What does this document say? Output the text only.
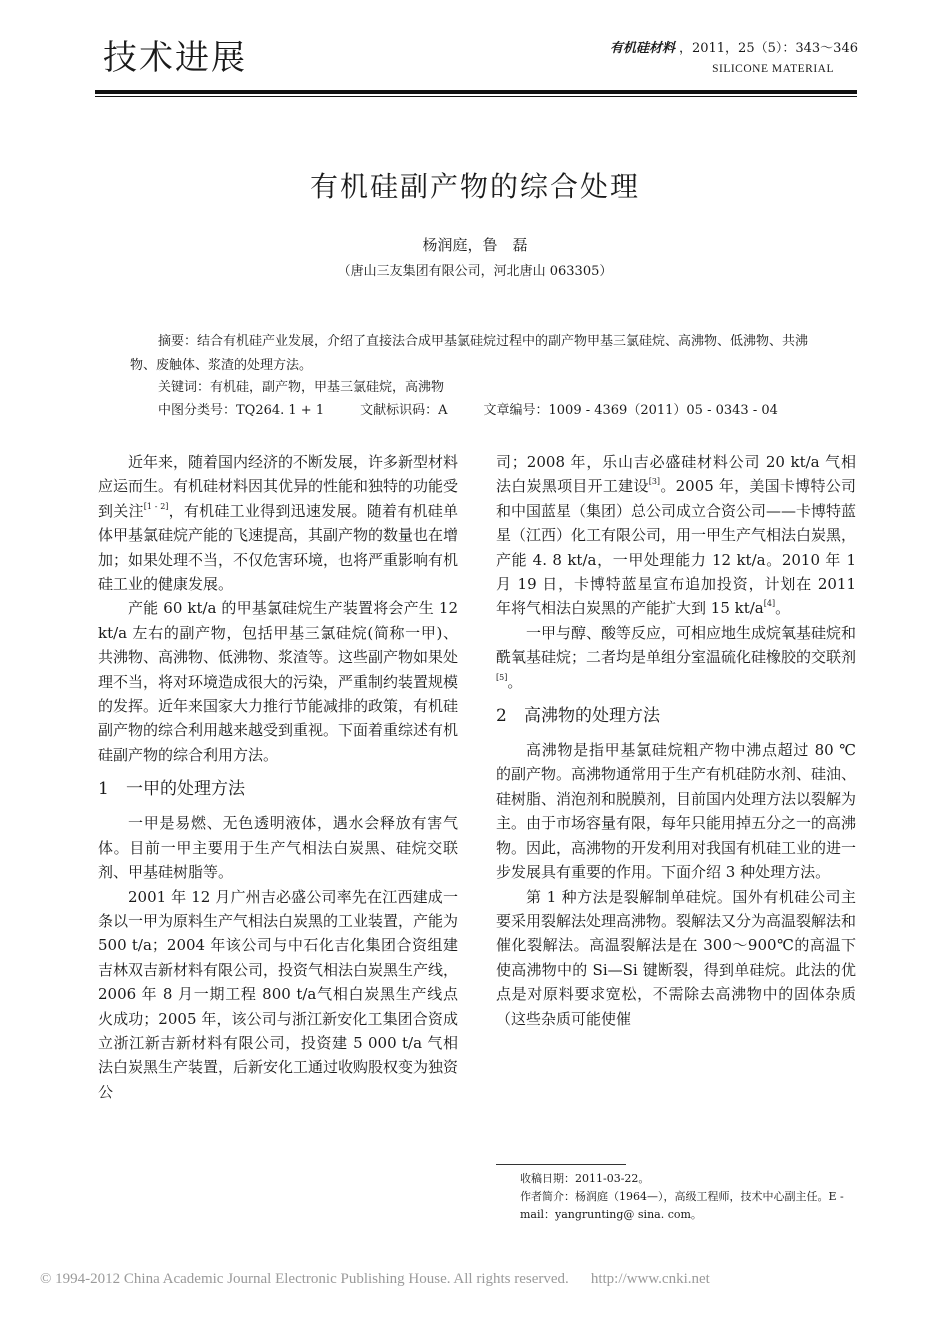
技术进展	有机硅材料 ，2011，25（5）：343～346
SILICONE MATERIAL
有机硅副产物的综合处理
杨润庭，鲁　磊
（唐山三友集团有限公司，河北唐山 063305）
摘要：结合有机硅产业发展，介绍了直接法合成甲基氯硅烷过程中的副产物甲基三氯硅烷、高沸物、低沸物、共沸物、废触体、浆渣的处理方法。
关键词：有机硅，副产物，甲基三氯硅烷，高沸物
中图分类号：TQ264. 1 + 1	文献标识码：A	文章编号：1009 - 4369（2011）05 - 0343 - 04

近年来，随着国内经济的不断发展，许多新型材料应运而生。有机硅材料因其优异的性能和独特的功能受到关注[1 - 2]，有机硅工业得到迅速发展。随着有机硅单体甲基氯硅烷产能的飞速提高，其副产物的数量也在增加；如果处理不当，不仅危害环境，也将严重影响有机硅工业的健康发展。

产能 60 kt/a 的甲基氯硅烷生产装置将会产生 12 kt/a 左右的副产物，包括甲基三氯硅烷(简称一甲)、共沸物、高沸物、低沸物、浆渣等。这些副产物如果处理不当，将对环境造成很大的污染，严重制约装置规模的发挥。近年来国家大力推行节能减排的政策，有机硅副产物的综合利用越来越受到重视。下面着重综述有机硅副产物的综合利用方法。

1 一甲的处理方法

一甲是易燃、无色透明液体，遇水会释放有害气体。目前一甲主要用于生产气相法白炭黑、硅烷交联剂、甲基硅树脂等。

2001 年 12 月广州吉必盛公司率先在江西建成一条以一甲为原料生产气相法白炭黑的工业装置，产能为 500 t/a；2004 年该公司与中石化吉化集团合资组建吉林双吉新材料有限公司，投资气相法白炭黑生产线，2006 年 8 月一期工程 800 t/a气相白炭黑生产线点火成功；2005 年，该公司与浙江新安化工集团合资成立浙江新吉新材料有限公司，投资建 5 000 t/a 气相法白炭黑生产装置，后新安化工通过收购股权变为独资公

司；2008 年，乐山吉必盛硅材料公司 20 kt/a 气相法白炭黑项目开工建设[3]。2005 年，美国卡博特公司和中国蓝星（集团）总公司成立合资公司——卡博特蓝星（江西）化工有限公司，用一甲生产气相法白炭黑，产能 4. 8 kt/a，一甲处理能力 12 kt/a。2010 年 1 月 19 日，卡博特蓝星宣布追加投资，计划在 2011 年将气相法白炭黑的产能扩大到 15 kt/a[4]。

一甲与醇、酸等反应，可相应地生成烷氧基硅烷和酰氧基硅烷；二者均是单组分室温硫化硅橡胶的交联剂[5]。

2 高沸物的处理方法

高沸物是指甲基氯硅烷粗产物中沸点超过 80 ℃的副产物。高沸物通常用于生产有机硅防水剂、硅油、硅树脂、消泡剂和脱膜剂，目前国内处理方法以裂解为主。由于市场容量有限，每年只能用掉五分之一的高沸物。因此，高沸物的开发利用对我国有机硅工业的进一步发展具有重要的作用。下面介绍 3 种处理方法。

第 1 种方法是裂解制单硅烷。国外有机硅公司主要采用裂解法处理高沸物。裂解法又分为高温裂解法和催化裂解法。高温裂解法是在 300～900℃的高温下使高沸物中的 Si—Si 键断裂，得到单硅烷。此法的优点是对原料要求宽松，不需除去高沸物中的固体杂质（这些杂质可能使催

收稿日期：2011-03-22。
作者简介：杨润庭（1964—），高级工程师，技术中心副主任。E - mail：yangrunting@ sina. com。
© 1994-2012 China Academic Journal Electronic Publishing House. All rights reserved. http://www.cnki.net
